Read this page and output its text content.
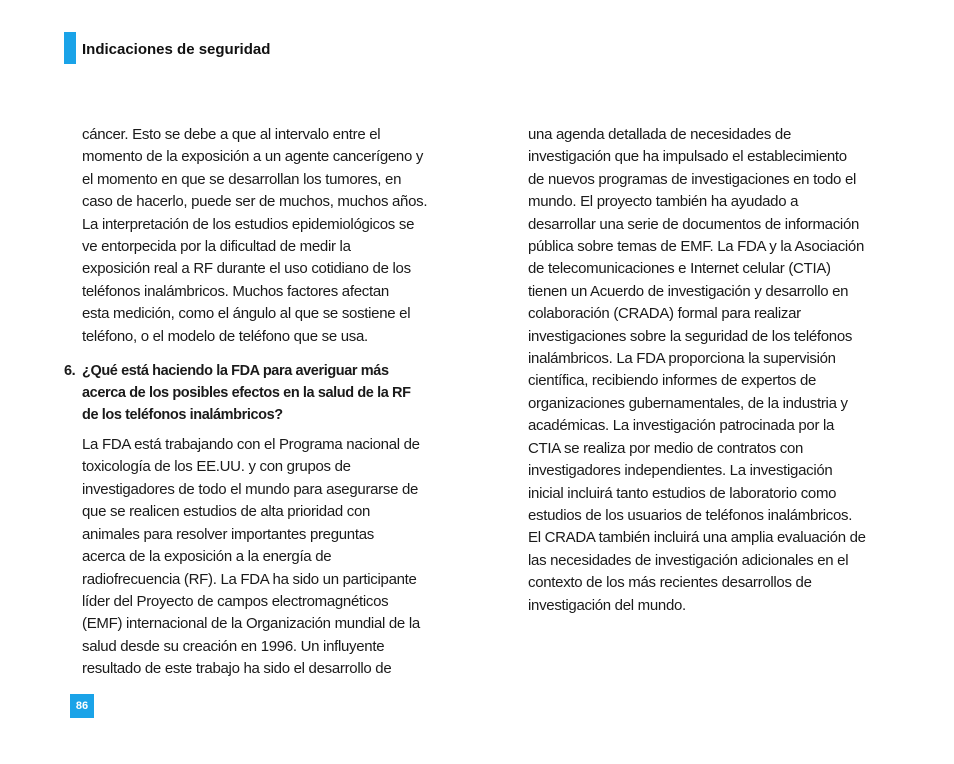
Indicaciones de seguridad
cáncer. Esto se debe a que al intervalo entre el
momento de la exposición a un agente cancerígeno y
el momento en que se desarrollan los tumores, en
caso de hacerlo, puede ser de muchos, muchos años.
La interpretación de los estudios epidemiológicos se
ve entorpecida por la dificultad de medir la
exposición real a RF durante el uso cotidiano de los
teléfonos inalámbricos. Muchos factores afectan
esta medición, como el ángulo al que se sostiene el
teléfono, o el modelo de teléfono que se usa.
6. ¿Qué está haciendo la FDA para averiguar más
acerca de los posibles efectos en la salud de la RF
de los teléfonos inalámbricos?
La FDA está trabajando con el Programa nacional de
toxicología de los EE.UU. y con grupos de
investigadores de todo el mundo para asegurarse de
que se realicen estudios de alta prioridad con
animales para resolver importantes preguntas
acerca de la exposición a la energía de
radiofrecuencia (RF). La FDA ha sido un participante
líder del Proyecto de campos electromagnéticos
(EMF) internacional de la Organización mundial de la
salud desde su creación en 1996. Un influyente
resultado de este trabajo ha sido el desarrollo de
una agenda detallada de necesidades de
investigación que ha impulsado el establecimiento
de nuevos programas de investigaciones en todo el
mundo. El proyecto también ha ayudado a
desarrollar una serie de documentos de información
pública sobre temas de EMF. La FDA y la Asociación
de telecomunicaciones e Internet celular (CTIA)
tienen un Acuerdo de investigación y desarrollo en
colaboración (CRADA) formal para realizar
investigaciones sobre la seguridad de los teléfonos
inalámbricos. La FDA proporciona la supervisión
científica, recibiendo informes de expertos de
organizaciones gubernamentales, de la industria y
académicas. La investigación patrocinada por la
CTIA se realiza por medio de contratos con
investigadores independientes. La investigación
inicial incluirá tanto estudios de laboratorio como
estudios de los usuarios de teléfonos inalámbricos.
El CRADA también incluirá una amplia evaluación de
las necesidades de investigación adicionales en el
contexto de los más recientes desarrollos de
investigación del mundo.
86
